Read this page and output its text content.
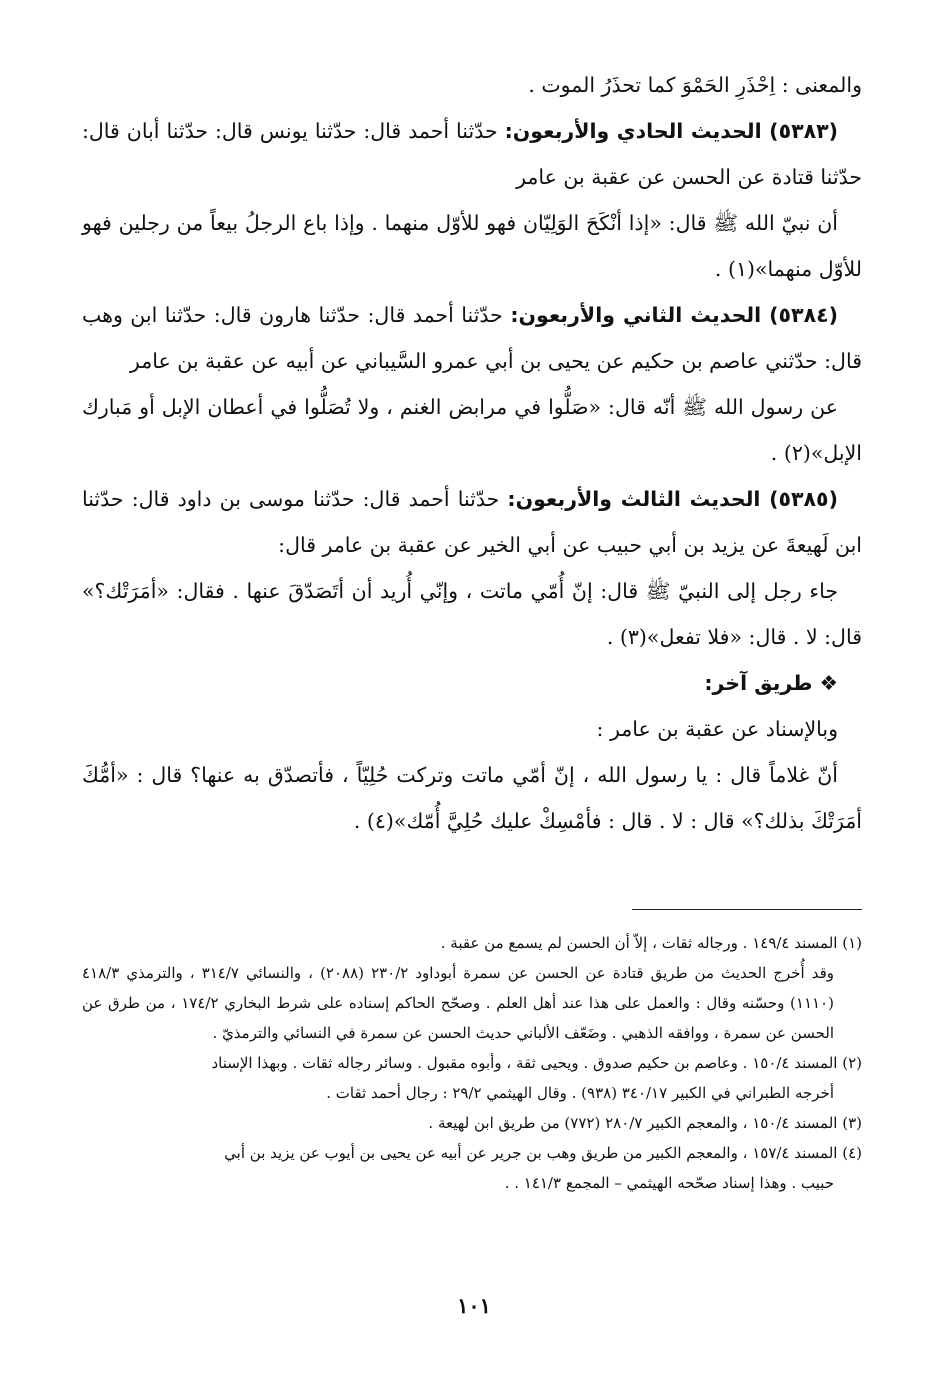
والمعنى : اِحْذَرِ الحَمْوَ كما تحذَرُ الموت .

(٥٣٨٣) الحديث الحادي والأربعون: حدّثنا أحمد قال: حدّثنا يونس قال: حدّثنا أبان قال: حدّثنا قتادة عن الحسن عن عقبة بن عامر

أن نبيّ الله ﷺ قال: «إذا أنْكَحَ الوَلِيّان فهو للأوّل منهما . وإذا باع الرجلُ بيعاً من رجلين فهو للأوّل منهما»(١) .

(٥٣٨٤) الحديث الثاني والأربعون: حدّثنا أحمد قال: حدّثنا هارون قال: حدّثنا ابن وهب قال: حدّثني عاصم بن حكيم عن يحيى بن أبي عمرو السَّيباني عن أبيه عن عقبة بن عامر

عن رسول الله ﷺ أنّه قال: «صَلُّوا في مرابض الغنم ، ولا تُصَلُّوا في أعطان الإبل أو مَبارك الإبل»(٢) .

(٥٣٨٥) الحديث الثالث والأربعون: حدّثنا أحمد قال: حدّثنا موسى بن داود قال: حدّثنا ابن لَهيعةَ عن يزيد بن أبي حبيب عن أبي الخير عن عقبة بن عامر قال:

جاء رجل إلى النبيّ ﷺ قال: إنّ أُمّي ماتت ، وإنّي أُريد أن أتَصَدّقَ عنها . فقال: «أمَرَتْك؟» قال: لا . قال: «فلا تفعل»(٣) .

❖ طريق آخر:

وبالإسناد عن عقبة بن عامر :

أنّ غلاماً قال : يا رسول الله ، إنّ أمّي ماتت وتركت حُلِيّاً ، فأتصدّق به عنها؟ قال : «أمُّكَ أمَرَتْكَ بذلك؟» قال : لا . قال : فأمْسِكْ عليك حُلِيَّ أُمّك»(٤) .

(١) المسند ١٤٩/٤ . ورجاله ثقات ، إلاّ أن الحسن لم يسمع من عقبة .

وقد أُخرج الحديث من طريق قتادة عن الحسن عن سمرة أبوداود ٢٣٠/٢ (٢٠٨٨) ، والنسائي ٣١٤/٧ ، والترمذي ٤١٨/٣ (١١١٠) وحسّنه وقال : والعمل على هذا عند أهل العلم . وصحّح الحاكم إسناده على شرط البخاري ١٧٤/٢ ، من طرق عن الحسن عن سمرة ، ووافقه الذهبي . وضَعّف الألباني حديث الحسن عن سمرة في النسائي والترمذيّ .

(٢) المسند ١٥٠/٤ . وعاصم بن حكيم صدوق . ويحيى ثقة ، وأبوه مقبول . وسائر رجاله ثقات . وبهذا الإسناد

أخرجه الطبراني في الكبير ٣٤٠/١٧ (٩٣٨) . وقال الهيثمي ٢٩/٢ : رجال أحمد ثقات .

(٣) المسند ١٥٠/٤ ، والمعجم الكبير ٢٨٠/٧ (٧٧٢) من طريق ابن لهيعة .

(٤) المسند ١٥٧/٤ ، والمعجم الكبير من طريق وهب بن جرير عن أبيه عن يحيى بن أيوب عن يزيد بن أبي

حبيب . وهذا إسناد صحّحه الهيثمي – المجمع ١٤١/٣ . .

١٠١
